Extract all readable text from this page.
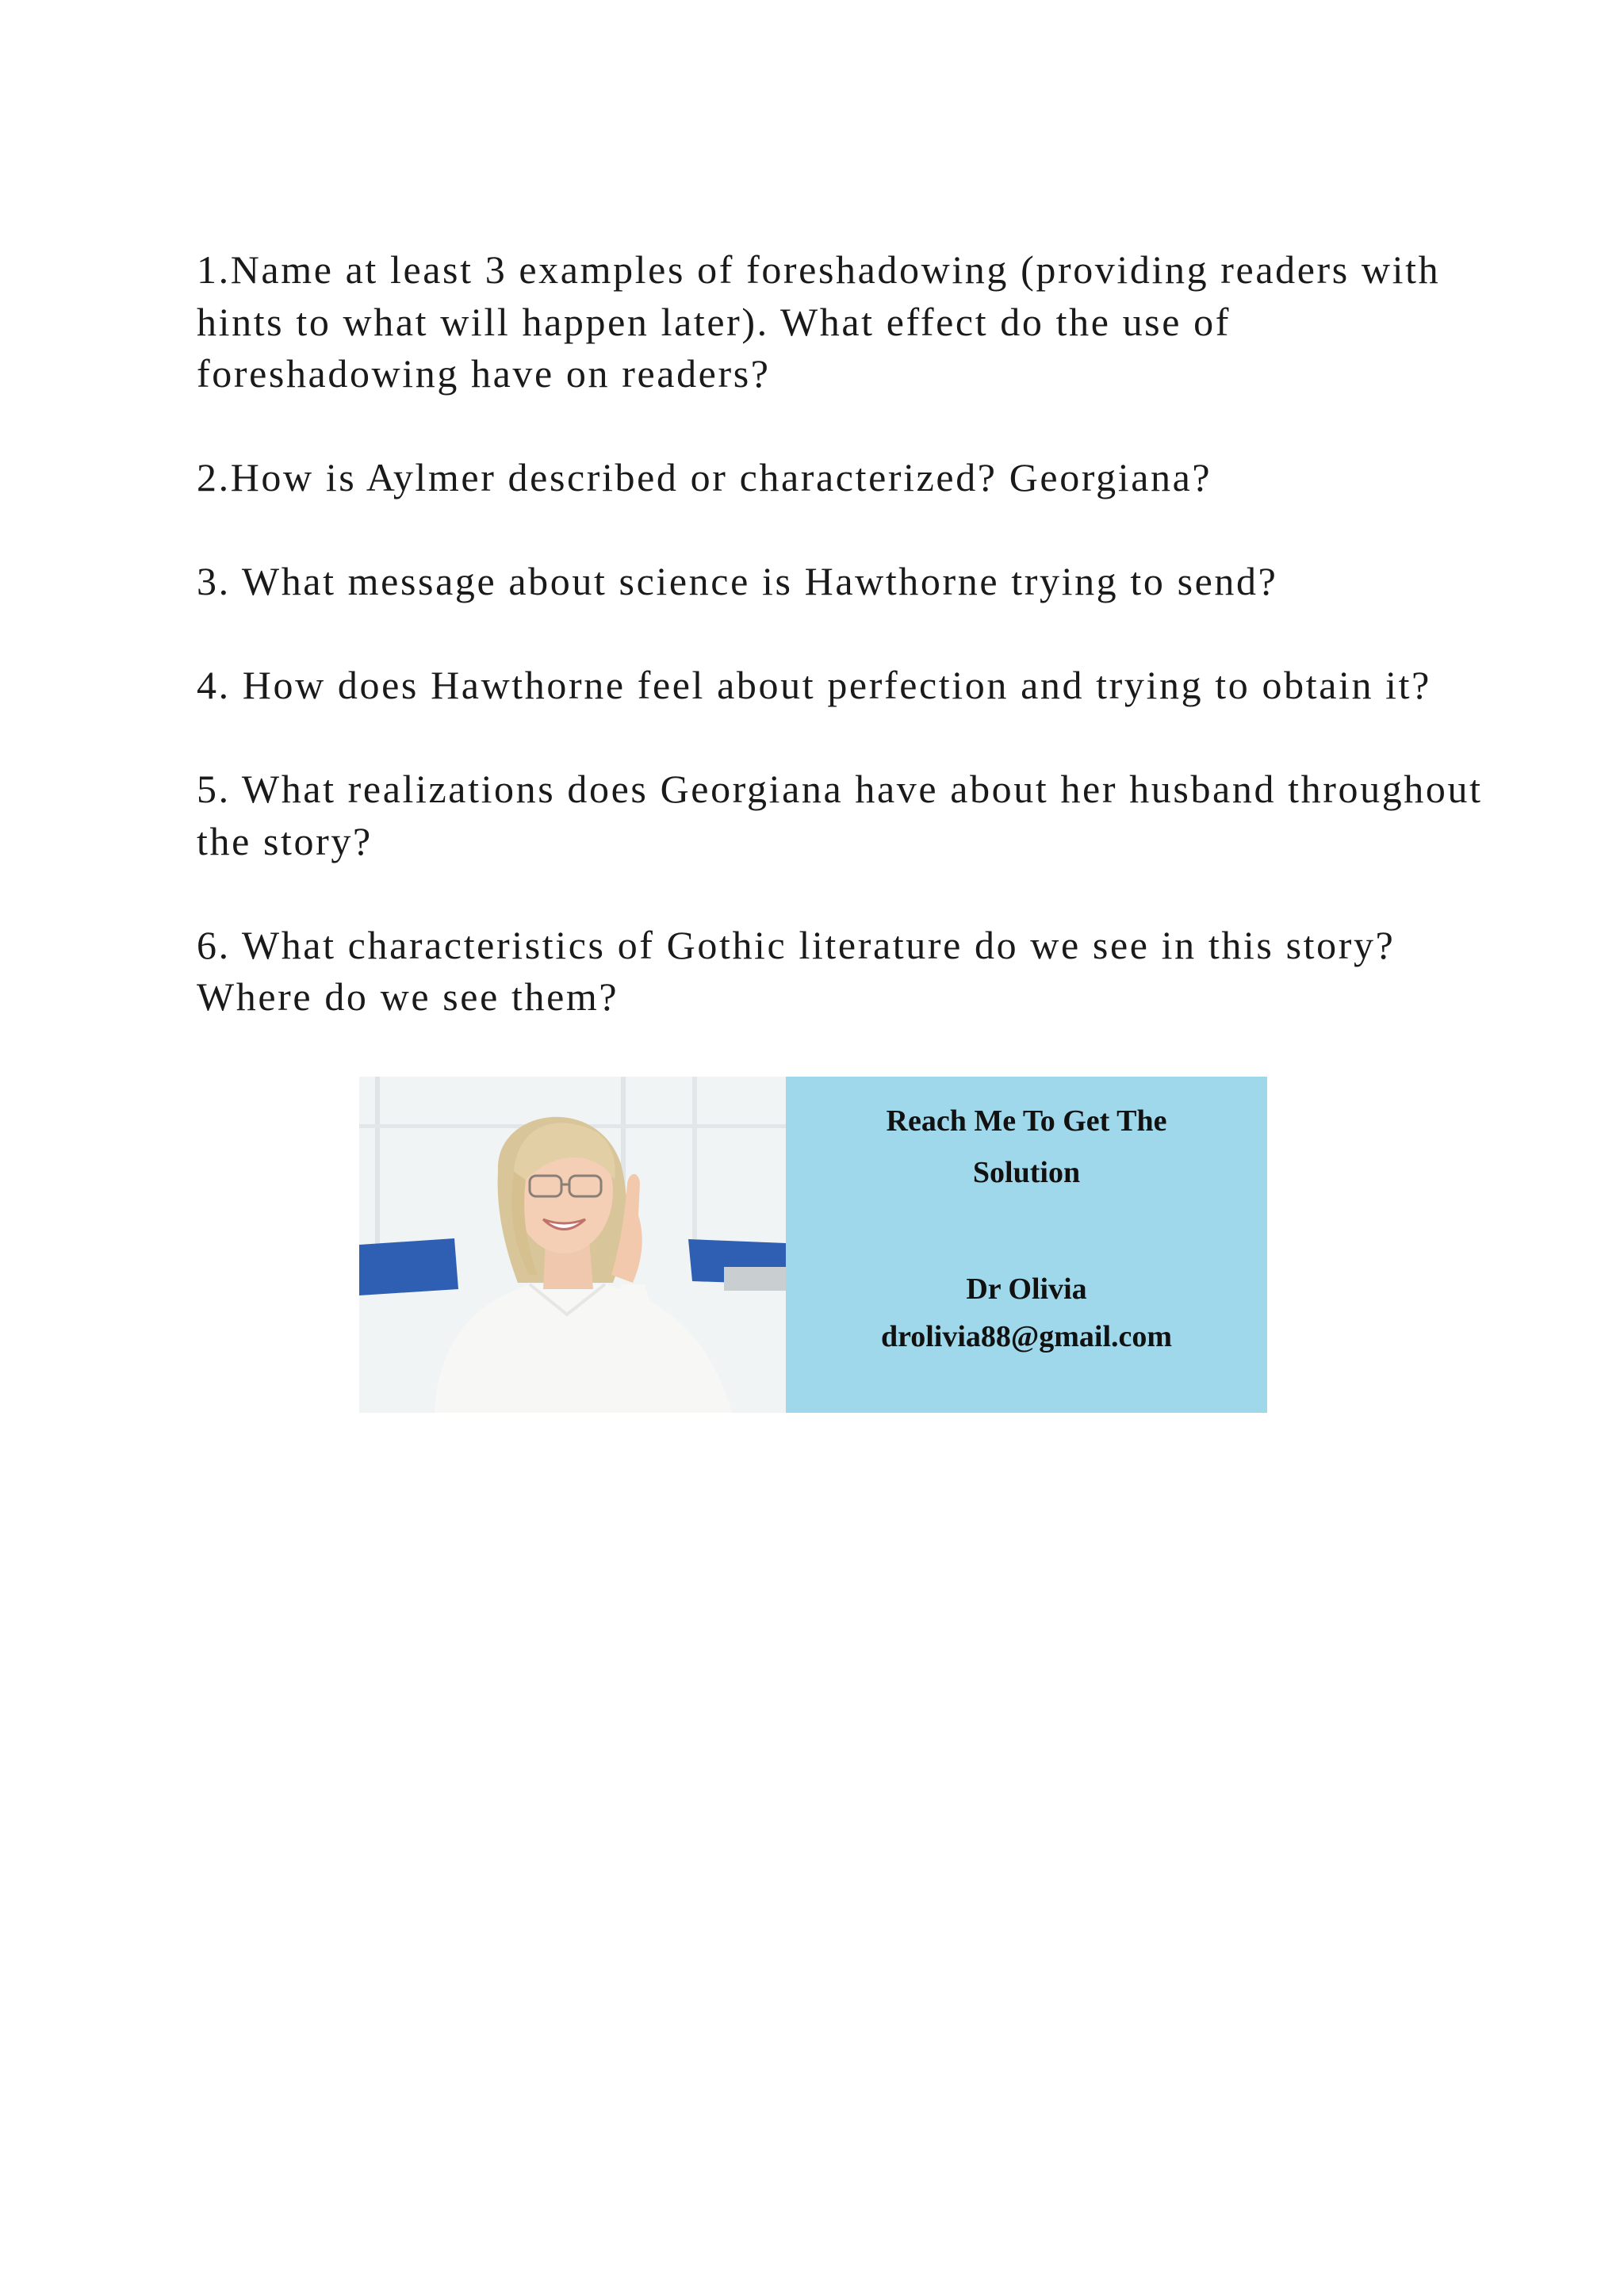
1.Name at least 3 examples of foreshadowing (providing readers with hints to what will happen later). What effect do the use of foreshadowing have on readers?

2.How is Aylmer described or characterized? Georgiana?

3. What message about science is Hawthorne trying to send?

4. How does Hawthorne feel about perfection and trying to obtain it?

5. What realizations does Georgiana have about her husband throughout the story?

6. What characteristics of Gothic literature do we see in this story? Where do we see them?

Reach Me To Get The
Solution
Dr Olivia
drolivia88@gmail.com
